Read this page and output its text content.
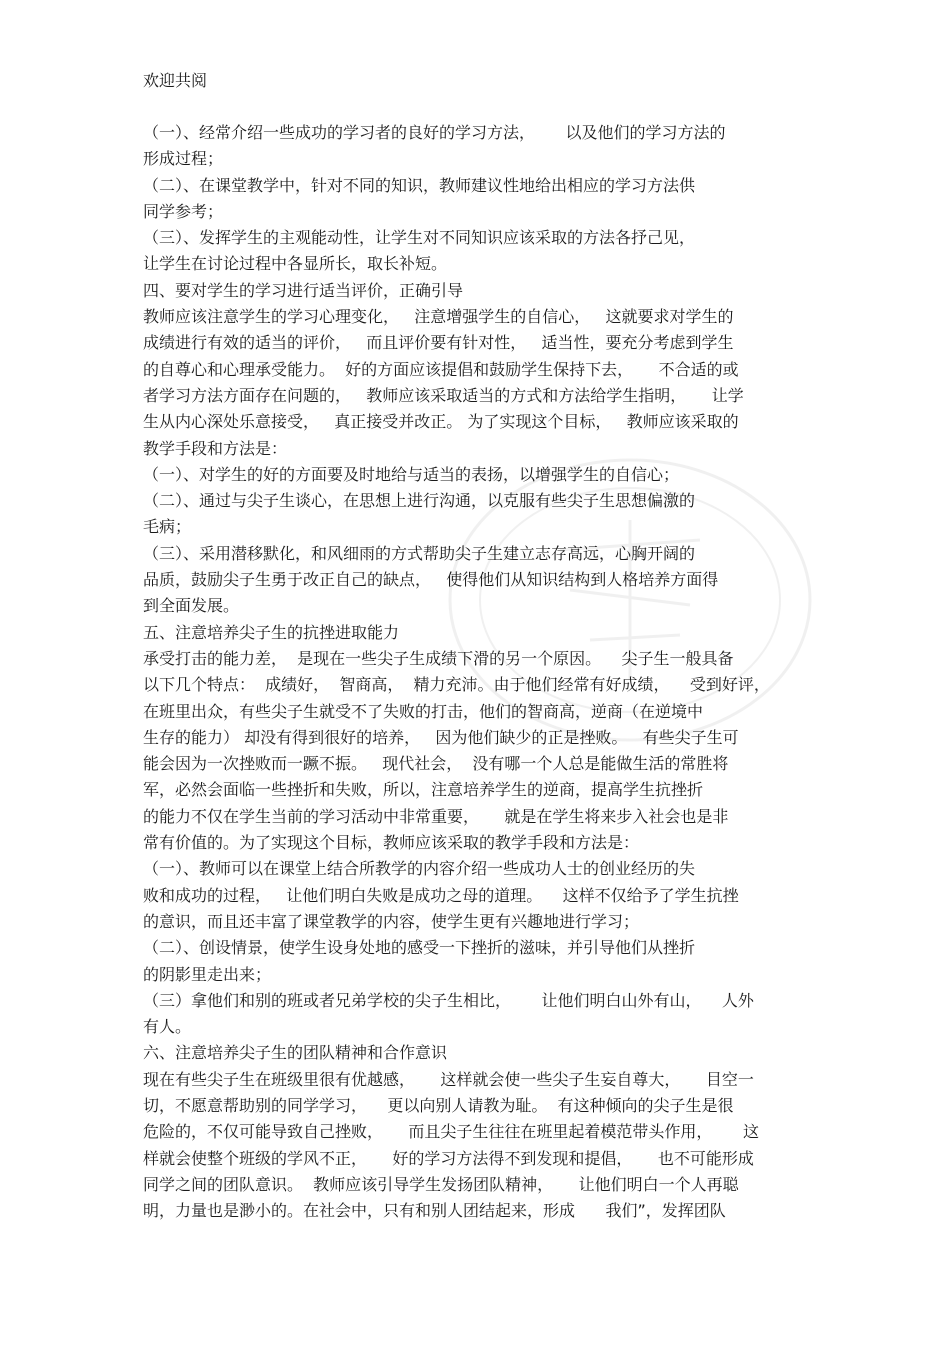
欢迎共阅
（一）、经常介绍一些成功的学习者的良好的学习方法，      以及他们的学习方法的
形成过程；
（二）、在课堂教学中，针对不同的知识，教师建议性地给出相应的学习方法供
同学参考；
（三）、发挥学生的主观能动性，让学生对不同知识应该采取的方法各抒己见，
让学生在讨论过程中各显所长，取长补短。
四、要对学生的学习进行适当评价，正确引导
教师应该注意学生的学习心理变化，   注意增强学生的自信心，   这就要求对学生的
成绩进行有效的适当的评价，   而且评价要有针对性，   适当性，要充分考虑到学生
的自尊心和心理承受能力。  好的方面应该提倡和鼓励学生保持下去，     不合适的或
者学习方法方面存在问题的，   教师应该采取适当的方式和方法给学生指明，     让学
生从内心深处乐意接受，   真正接受并改正。 为了实现这个目标，   教师应该采取的
教学手段和方法是：
（一）、对学生的好的方面要及时地给与适当的表扬，以增强学生的自信心；
（二）、通过与尖子生谈心，在思想上进行沟通，以克服有些尖子生思想偏激的
毛病；
（三）、采用潜移默化，和风细雨的方式帮助尖子生建立志存高远，心胸开阔的
品质，鼓励尖子生勇于改正自己的缺点，   使得他们从知识结构到人格培养方面得
到全面发展。
五、注意培养尖子生的抗挫进取能力
承受打击的能力差，  是现在一些尖子生成绩下滑的另一个原因。    尖子生一般具备
以下几个特点：  成绩好，  智商高，  精力充沛。由于他们经常有好成绩，    受到好评，
在班里出众，有些尖子生就受不了失败的打击，他们的智商高，逆商（在逆境中
生存的能力） 却没有得到很好的培养，   因为他们缺少的正是挫败。   有些尖子生可
能会因为一次挫败而一蹶不振。   现代社会，  没有哪一个人总是能做生活的常胜将
军，必然会面临一些挫折和失败，所以，注意培养学生的逆商，提高学生抗挫折
的能力不仅在学生当前的学习活动中非常重要，     就是在学生将来步入社会也是非
常有价值的。为了实现这个目标，教师应该采取的教学手段和方法是：
（一）、教师可以在课堂上结合所教学的内容介绍一些成功人士的创业经历的失
败和成功的过程，   让他们明白失败是成功之母的道理。    这样不仅给予了学生抗挫
的意识，而且还丰富了课堂教学的内容，使学生更有兴趣地进行学习；
（二）、创设情景，使学生设身处地的感受一下挫折的滋味，并引导他们从挫折
的阴影里走出来；
（三）拿他们和别的班或者兄弟学校的尖子生相比，      让他们明白山外有山，    人外
有人。
六、注意培养尖子生的团队精神和合作意识
现在有些尖子生在班级里很有优越感，     这样就会使一些尖子生妄自尊大，     目空一
切，不愿意帮助别的同学学习，    更以向别人请教为耻。  有这种倾向的尖子生是很
危险的，不仅可能导致自己挫败，     而且尖子生往往在班里起着模范带头作用，      这
样就会使整个班级的学风不正，     好的学习方法得不到发现和提倡，     也不可能形成
同学之间的团队意识。  教师应该引导学生发扬团队精神，     让他们明白一个人再聪
明，力量也是渺小的。在社会中，只有和别人团结起来，形成      我们”，发挥团队
